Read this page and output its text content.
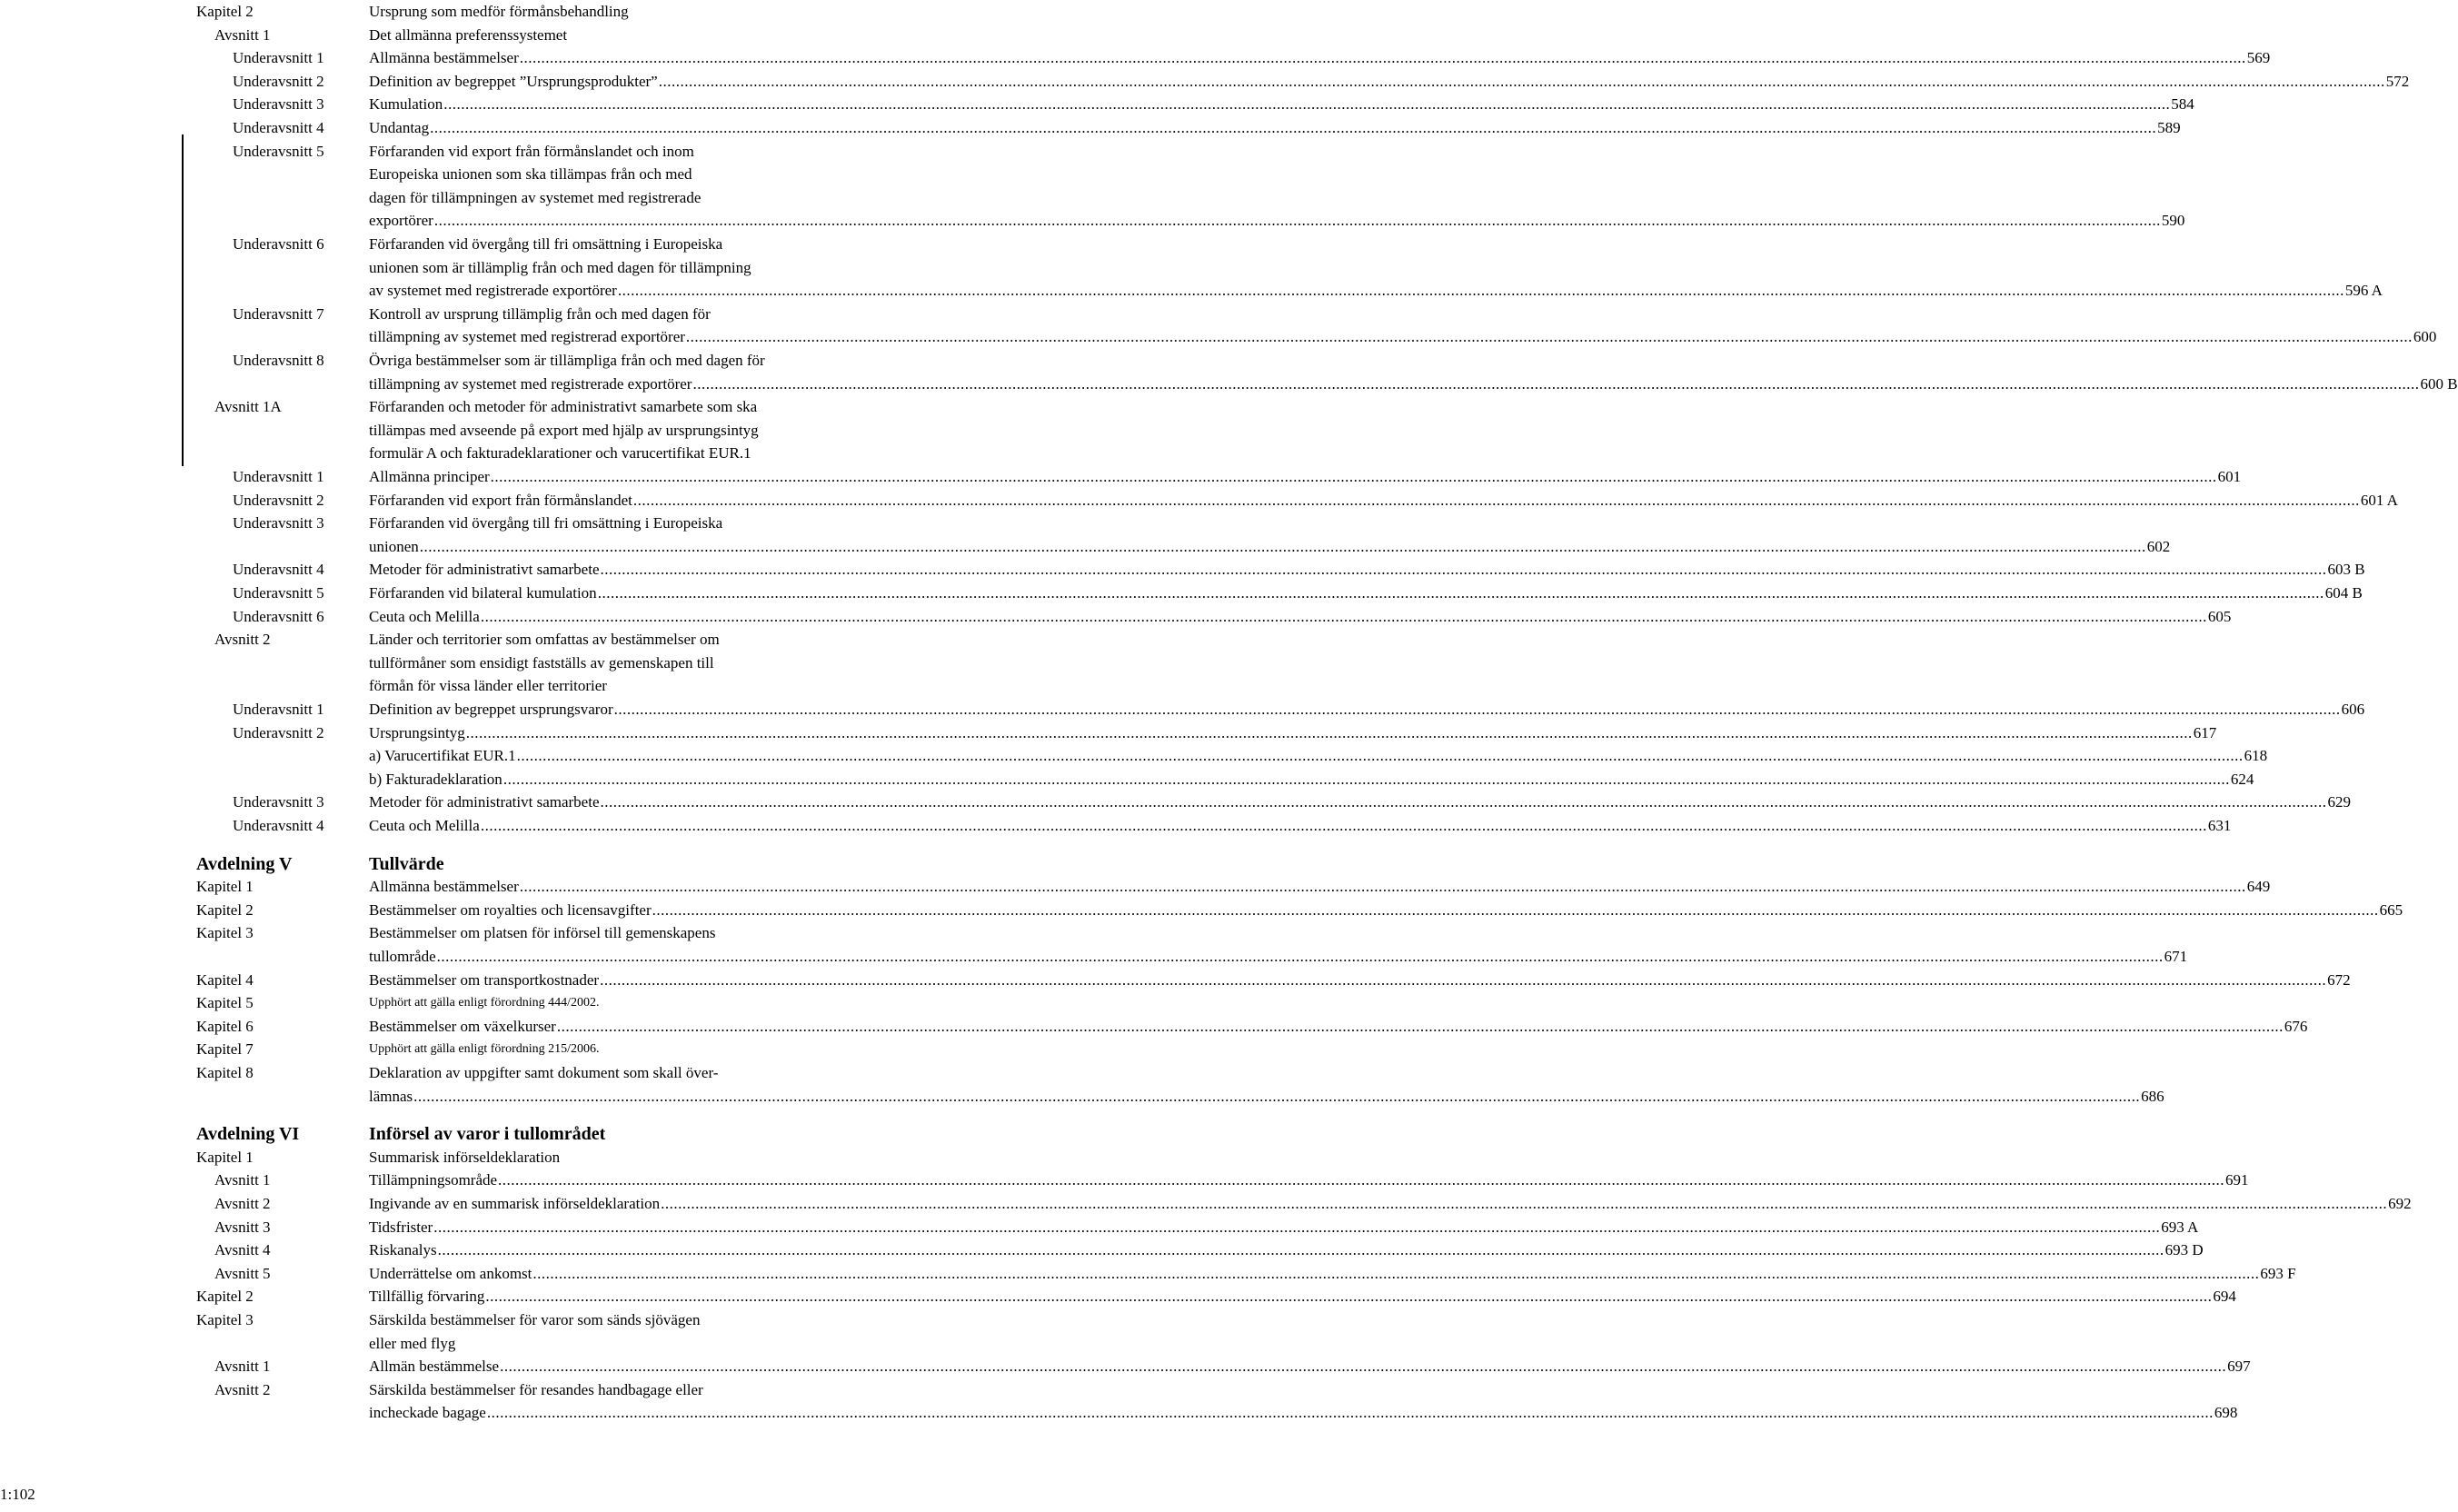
Kapitel 2	Ursprung som medför förmånsbehandling
Avsnitt 1	Det allmänna preferenssystemet
Underavsnitt 1	Allmänna bestämmelser ................................................................................................................................................................................................................................................................................................................................................................................................................ 569
Underavsnitt 2	Definition av begreppet ”Ursprungsprodukter” ................................................................................................................................................................................................................................................................................................................................................................................................................ 572
Underavsnitt 3	Kumulation ................................................................................................................................................................................................................................................................................................................................................................................................................ 584
Underavsnitt 4	Undantag ................................................................................................................................................................................................................................................................................................................................................................................................................ 589
Underavsnitt 5	Förfaranden vid export från förmånslandet och inom
Europeiska unionen som ska tillämpas från och med
dagen för tillämpningen av systemet med registrerade
exportörer ................................................................................................................................................................................................................................................................................................................................................................................................................ 590
Underavsnitt 6	Förfaranden vid övergång till fri omsättning i Europeiska
unionen som är tillämplig från och med dagen för tillämpning
av systemet med registrerade exportörer ................................................................................................................................................................................................................................................................................................................................................................................................................ 596 A
Underavsnitt 7	Kontroll av ursprung tillämplig från och med dagen för
tillämpning av systemet med registrerad exportörer ................................................................................................................................................................................................................................................................................................................................................................................................................ 600
Underavsnitt 8	Övriga bestämmelser som är tillämpliga från och med dagen för
tillämpning av systemet med registrerade exportörer ................................................................................................................................................................................................................................................................................................................................................................................................................ 600 B
Avsnitt 1A	Förfaranden och metoder för administrativt samarbete som ska
tillämpas med avseende på export med hjälp av ursprungsintyg
formulär A och fakturadeklarationer och varucertifikat EUR.1
Underavsnitt 1	Allmänna principer ................................................................................................................................................................................................................................................................................................................................................................................................................ 601
Underavsnitt 2	Förfaranden vid export från förmånslandet ................................................................................................................................................................................................................................................................................................................................................................................................................ 601 A
Underavsnitt 3	Förfaranden vid övergång till fri omsättning i Europeiska
unionen ................................................................................................................................................................................................................................................................................................................................................................................................................ 602
Underavsnitt 4	Metoder för administrativt samarbete ................................................................................................................................................................................................................................................................................................................................................................................................................ 603 B
Underavsnitt 5	Förfaranden vid bilateral kumulation ................................................................................................................................................................................................................................................................................................................................................................................................................ 604 B
Underavsnitt 6	Ceuta och Melilla ................................................................................................................................................................................................................................................................................................................................................................................................................ 605
Avsnitt 2	Länder och territorier som omfattas av bestämmelser om
tullförmåner som ensidigt fastställs av gemenskapen till
förmån för vissa länder eller territorier
Underavsnitt 1	Definition av begreppet ursprungsvaror ................................................................................................................................................................................................................................................................................................................................................................................................................ 606
Underavsnitt 2	Ursprungsintyg ................................................................................................................................................................................................................................................................................................................................................................................................................ 617
a) Varucertifikat EUR.1 ................................................................................................................................................................................................................................................................................................................................................................................................................ 618
b) Fakturadeklaration ................................................................................................................................................................................................................................................................................................................................................................................................................ 624
Underavsnitt 3	Metoder för administrativt samarbete ................................................................................................................................................................................................................................................................................................................................................................................................................ 629
Underavsnitt 4	Ceuta och Melilla ................................................................................................................................................................................................................................................................................................................................................................................................................ 631
Avdelning V	Tullvärde
Kapitel 1	Allmänna bestämmelser ................................................................................................................................................................................................................................................................................................................................................................................................................ 649
Kapitel 2	Bestämmelser om royalties och licensavgifter ................................................................................................................................................................................................................................................................................................................................................................................................................ 665
Kapitel 3	Bestämmelser om platsen för införsel till gemenskapens
tullområde ................................................................................................................................................................................................................................................................................................................................................................................................................ 671
Kapitel 4	Bestämmelser om transportkostnader ................................................................................................................................................................................................................................................................................................................................................................................................................ 672
Kapitel 5	Upphört att gälla enligt förordning 444/2002.
Kapitel 6	Bestämmelser om växelkurser ................................................................................................................................................................................................................................................................................................................................................................................................................ 676
Kapitel 7	Upphört att gälla enligt förordning 215/2006.
Kapitel 8	Deklaration av uppgifter samt dokument som skall över-
lämnas ................................................................................................................................................................................................................................................................................................................................................................................................................ 686
Avdelning VI	Införsel av varor i tullområdet
Kapitel 1	Summarisk införseldeklaration
Avsnitt 1	Tillämpningsområde ................................................................................................................................................................................................................................................................................................................................................................................................................ 691
Avsnitt 2	Ingivande av en summarisk införseldeklaration ................................................................................................................................................................................................................................................................................................................................................................................................................ 692
Avsnitt 3	Tidsfrister ................................................................................................................................................................................................................................................................................................................................................................................................................ 693 A
Avsnitt 4	Riskanalys ................................................................................................................................................................................................................................................................................................................................................................................................................ 693 D
Avsnitt 5	Underrättelse om ankomst ................................................................................................................................................................................................................................................................................................................................................................................................................ 693 F
Kapitel 2	Tillfällig förvaring ................................................................................................................................................................................................................................................................................................................................................................................................................ 694
Kapitel 3	Särskilda bestämmelser för varor som sänds sjövägen
eller med flyg
Avsnitt 1	Allmän bestämmelse ................................................................................................................................................................................................................................................................................................................................................................................................................ 697
Avsnitt 2	Särskilda bestämmelser för resandes handbagage eller
incheckade bagage ................................................................................................................................................................................................................................................................................................................................................................................................................ 698
1:102
